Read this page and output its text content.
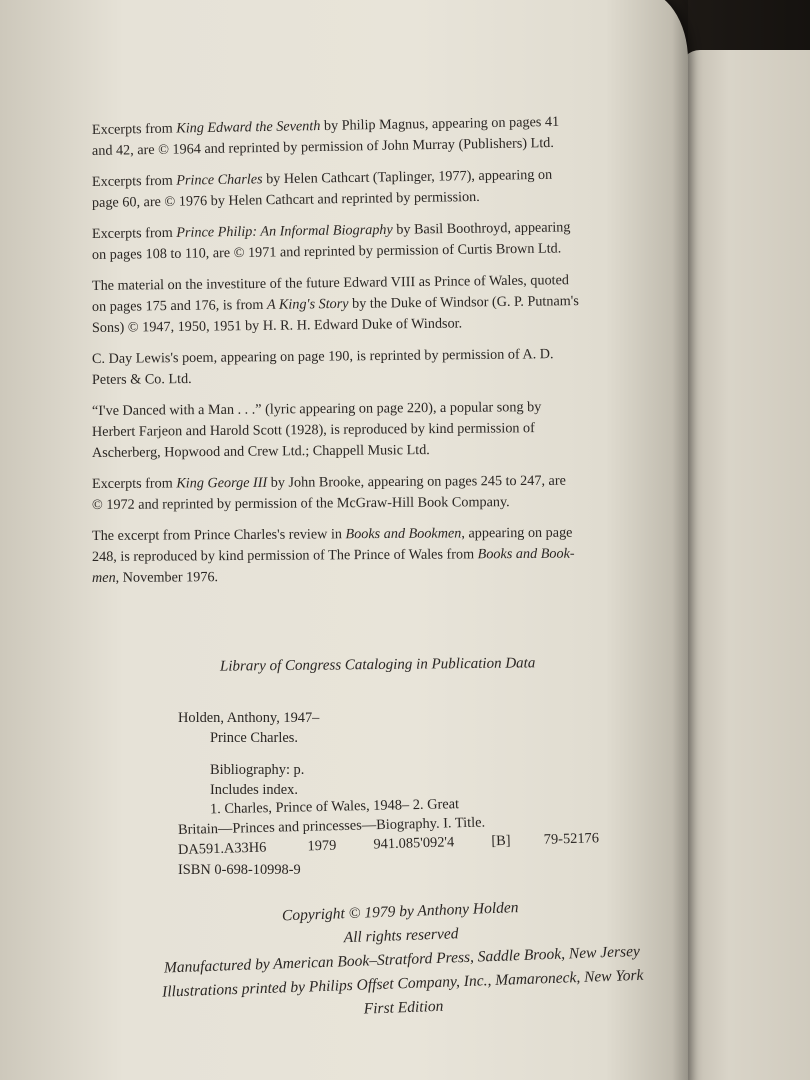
Excerpts from King Edward the Seventh by Philip Magnus, appearing on pages 41
and 42, are © 1964 and reprinted by permission of John Murray (Publishers) Ltd.
Excerpts from Prince Charles by Helen Cathcart (Taplinger, 1977), appearing on
page 60, are © 1976 by Helen Cathcart and reprinted by permission.
Excerpts from Prince Philip: An Informal Biography by Basil Boothroyd, appearing
on pages 108 to 110, are © 1971 and reprinted by permission of Curtis Brown Ltd.
The material on the investiture of the future Edward VIII as Prince of Wales, quoted
on pages 175 and 176, is from A King's Story by the Duke of Windsor (G. P. Putnam's
Sons) © 1947, 1950, 1951 by H. R. H. Edward Duke of Windsor.
C. Day Lewis's poem, appearing on page 190, is reprinted by permission of A. D.
Peters & Co. Ltd.
“I've Danced with a Man . . .” (lyric appearing on page 220), a popular song by
Herbert Farjeon and Harold Scott (1928), is reproduced by kind permission of
Ascherberg, Hopwood and Crew Ltd.; Chappell Music Ltd.
Excerpts from King George III by John Brooke, appearing on pages 245 to 247, are
© 1972 and reprinted by permission of the McGraw-Hill Book Company.
The excerpt from Prince Charles's review in Books and Bookmen, appearing on page
248, is reproduced by kind permission of The Prince of Wales from Books and Book-
men, November 1976.
Library of Congress Cataloging in Publication Data
Holden, Anthony, 1947–
Prince Charles.
Bibliography: p.
Includes index.
1. Charles, Prince of Wales, 1948– 2. Great
Britain—Princes and princesses—Biography. I. Title.
DA591.A33H6	1979	941.085'092'4	[B] 79-52176
ISBN 0-698-10998-9
Copyright © 1979 by Anthony Holden
All rights reserved
Manufactured by American Book–Stratford Press, Saddle Brook, New Jersey
Illustrations printed by Philips Offset Company, Inc., Mamaroneck, New York
First Edition
